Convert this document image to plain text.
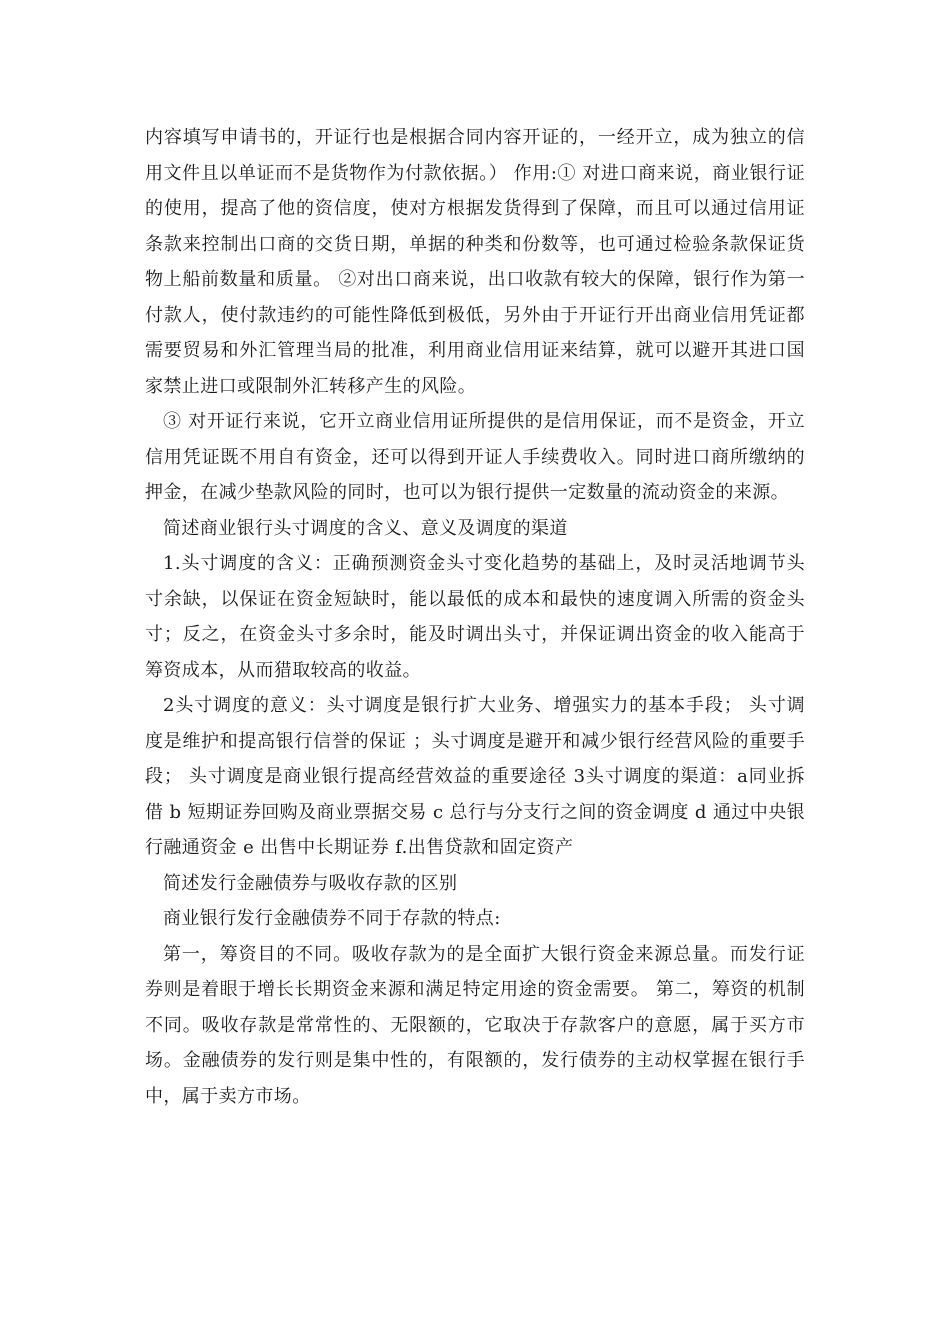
内容填写申请书的，开证行也是根据合同内容开证的，一经开立，成为独立的信用文件且以单证而不是货物作为付款依据。） 作用:① 对进口商来说，商业银行证的使用，提高了他的资信度，使对方根据发货得到了保障，而且可以通过信用证条款来控制出口商的交货日期，单据的种类和份数等，也可通过检验条款保证货物上船前数量和质量。 ②对出口商来说，出口收款有较大的保障，银行作为第一付款人，使付款违约的可能性降低到极低，另外由于开证行开出商业信用凭证都需要贸易和外汇管理当局的批准，利用商业信用证来结算，就可以避开其进口国家禁止进口或限制外汇转移产生的风险。

③ 对开证行来说，它开立商业信用证所提供的是信用保证，而不是资金，开立信用凭证既不用自有资金，还可以得到开证人手续费收入。同时进口商所缴纳的押金，在减少垫款风险的同时，也可以为银行提供一定数量的流动资金的来源。

简述商业银行头寸调度的含义、意义及调度的渠道

1.头寸调度的含义：正确预测资金头寸变化趋势的基础上，及时灵活地调节头寸余缺，以保证在资金短缺时，能以最低的成本和最快的速度调入所需的资金头寸；反之，在资金头寸多余时，能及时调出头寸，并保证调出资金的收入能高于筹资成本，从而猎取较高的收益。

2头寸调度的意义：头寸调度是银行扩大业务、增强实力的基本手段； 头寸调度是维护和提高银行信誉的保证 ；头寸调度是避开和减少银行经营风险的重要手段； 头寸调度是商业银行提高经营效益的重要途径 3头寸调度的渠道：a同业拆借 b 短期证券回购及商业票据交易 c 总行与分支行之间的资金调度 d 通过中央银行融通资金 e 出售中长期证券 f.出售贷款和固定资产

简述发行金融债券与吸收存款的区别

商业银行发行金融债券不同于存款的特点:

第一，筹资目的不同。吸收存款为的是全面扩大银行资金来源总量。而发行证券则是着眼于增长长期资金来源和满足特定用途的资金需要。 第二，筹资的机制不同。吸收存款是常常性的、无限额的，它取决于存款客户的意愿，属于买方市场。金融债券的发行则是集中性的，有限额的，发行债券的主动权掌握在银行手中，属于卖方市场。
